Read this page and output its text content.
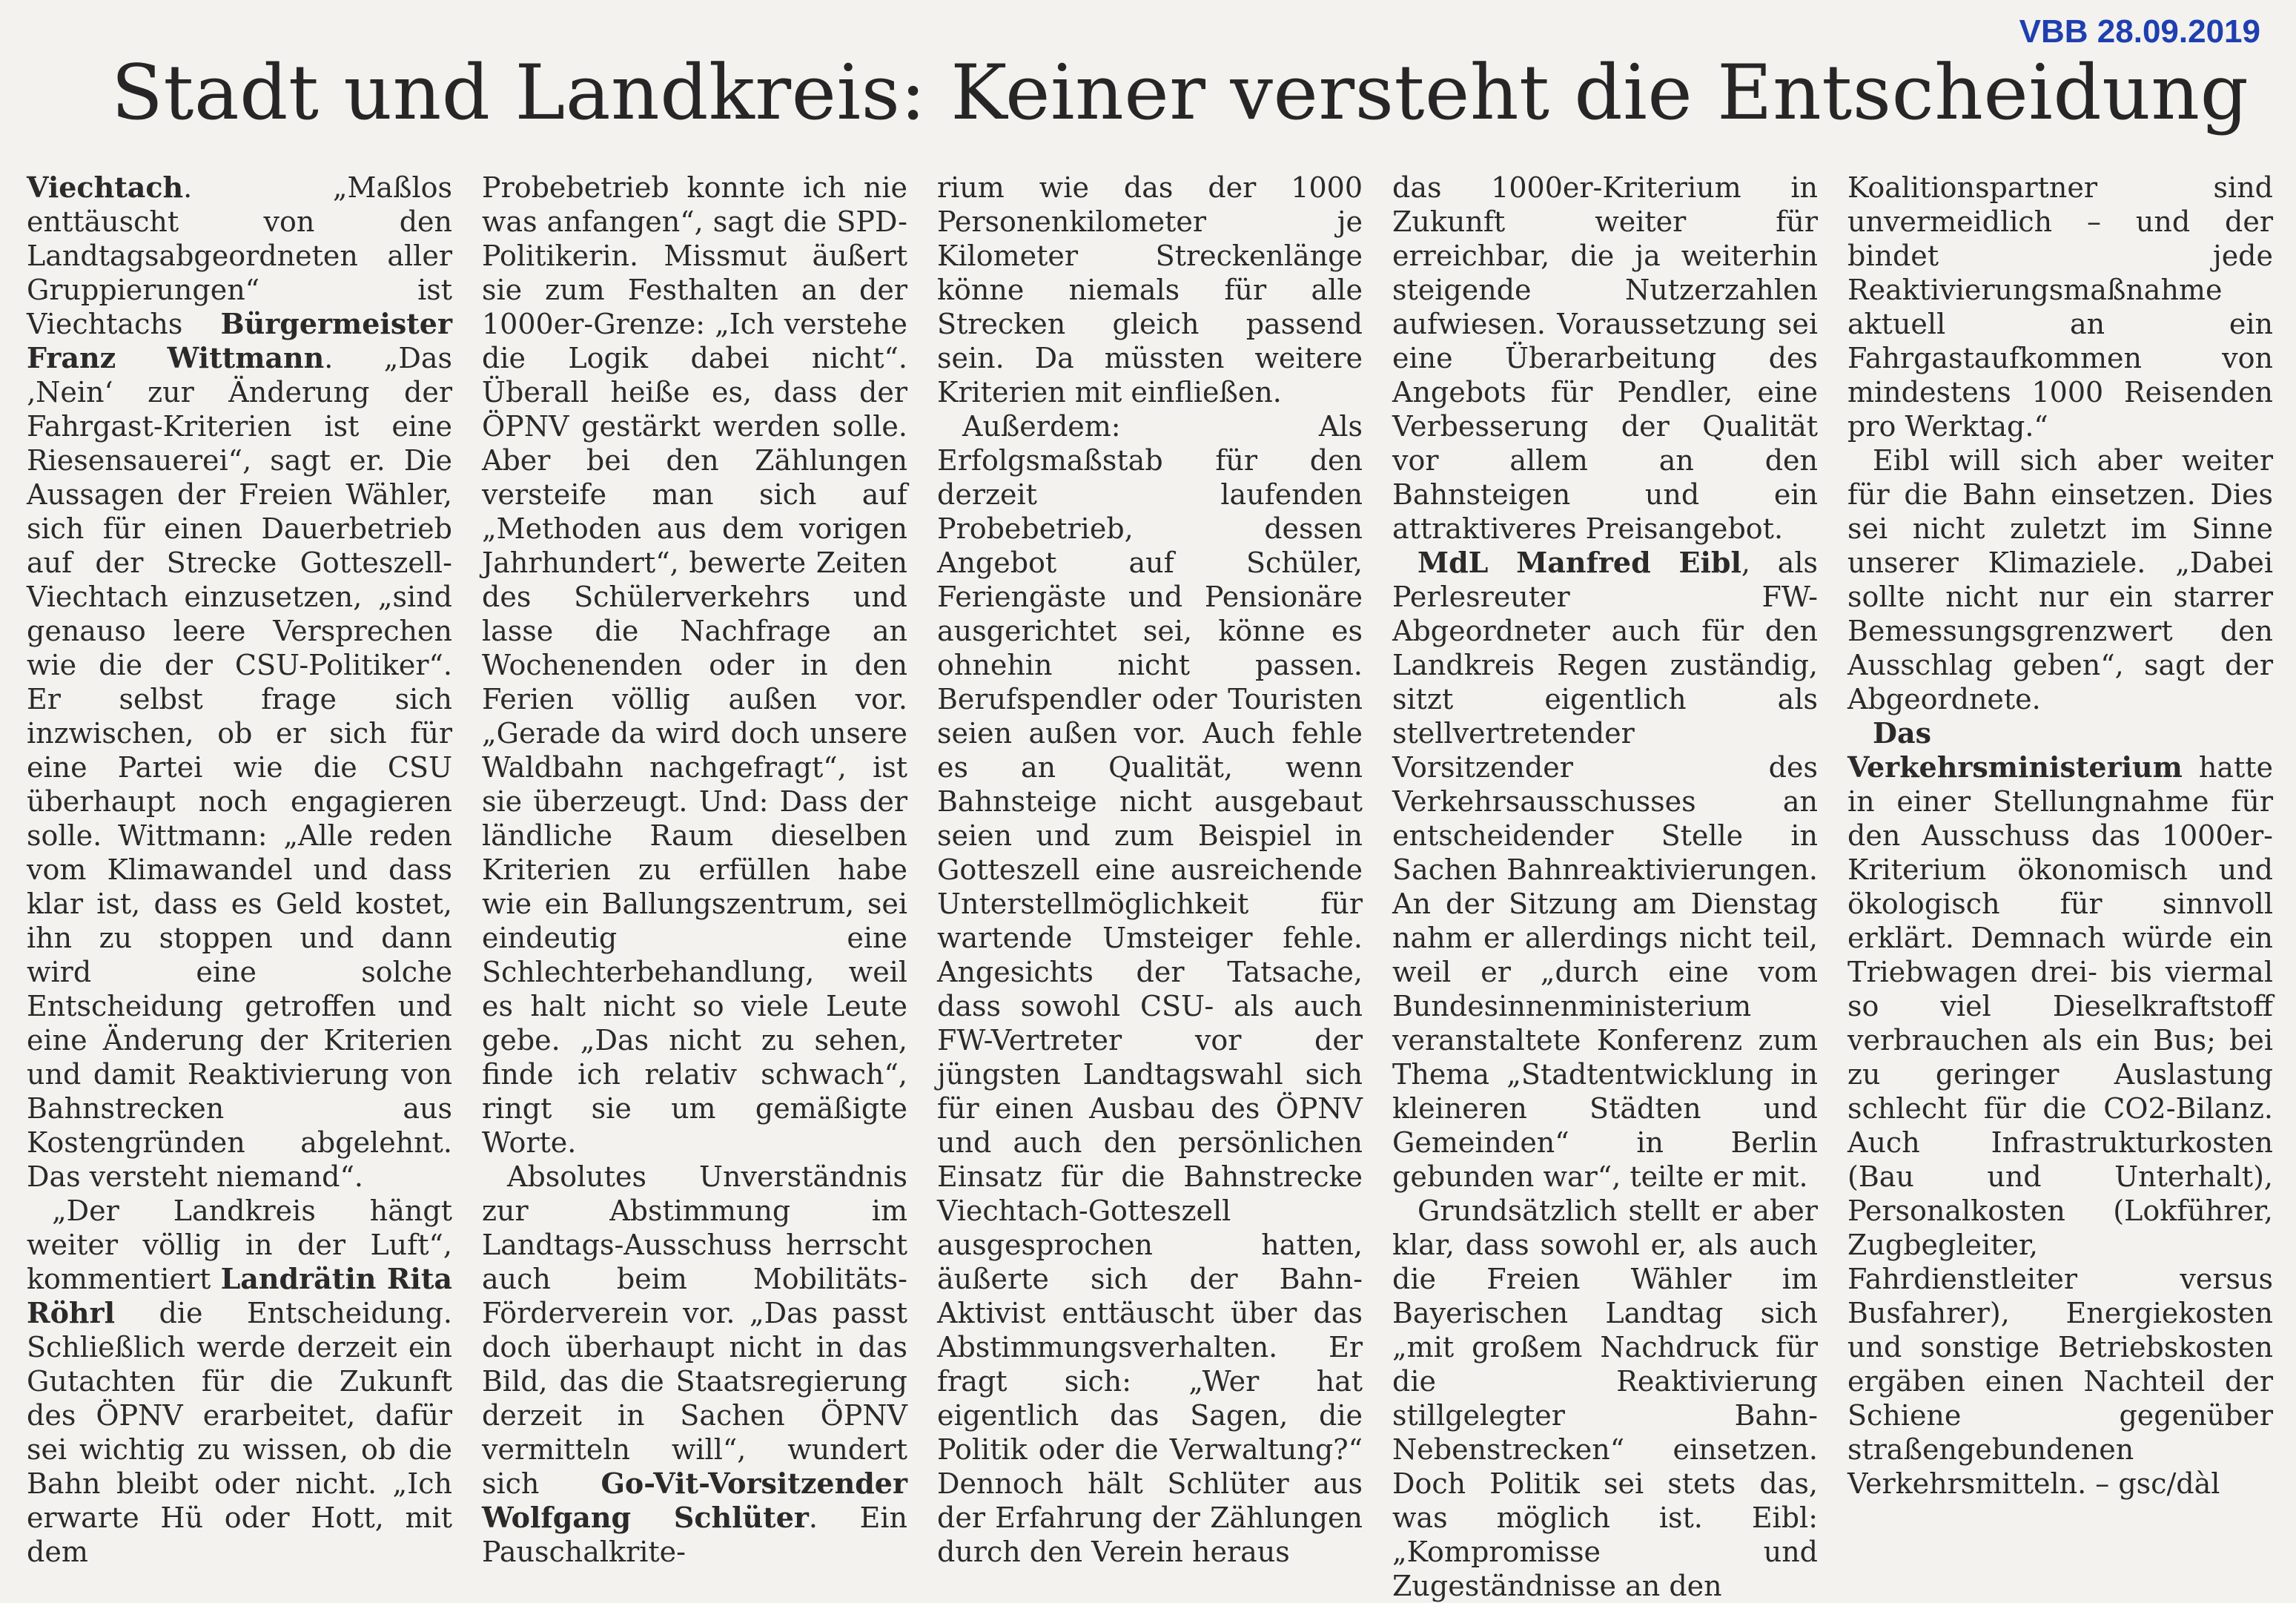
VBB 28.09.2019
Stadt und Landkreis: Keiner versteht die Entscheidung

Viechtach. „Maßlos enttäuscht von den Landtagsabgeordneten aller Gruppierungen“ ist Viechtachs Bürgermeister Franz Wittmann. „Das ‚Nein‘ zur Änderung der Fahrgast-Kriterien ist eine Riesensauerei“, sagt er. Die Aussagen der Freien Wähler, sich für einen Dauerbetrieb auf der Strecke Gotteszell-Viechtach einzusetzen, „sind genauso leere Versprechen wie die der CSU-Politiker“. Er selbst frage sich inzwischen, ob er sich für eine Partei wie die CSU überhaupt noch engagieren solle. Wittmann: „Alle reden vom Klimawandel und dass klar ist, dass es Geld kostet, ihn zu stoppen und dann wird eine solche Entscheidung getroffen und eine Änderung der Kriterien und damit Reaktivierung von Bahnstrecken aus Kostengründen abgelehnt. Das versteht niemand“.

„Der Landkreis hängt weiter völlig in der Luft“, kommentiert Landrätin Rita Röhrl die Entscheidung. Schließlich werde derzeit ein Gutachten für die Zukunft des ÖPNV erarbeitet, dafür sei wichtig zu wissen, ob die Bahn bleibt oder nicht. „Ich erwarte Hü oder Hott, mit dem

Probebetrieb konnte ich nie was anfangen“, sagt die SPD-Politikerin. Missmut äußert sie zum Festhalten an der 1000er-Grenze: „Ich verstehe die Logik dabei nicht“. Überall heiße es, dass der ÖPNV gestärkt werden solle. Aber bei den Zählungen versteife man sich auf „Methoden aus dem vorigen Jahrhundert“, bewerte Zeiten des Schülerverkehrs und lasse die Nachfrage an Wochenenden oder in den Ferien völlig außen vor. „Gerade da wird doch unsere Waldbahn nachgefragt“, ist sie überzeugt. Und: Dass der ländliche Raum dieselben Kriterien zu erfüllen habe wie ein Ballungszentrum, sei eindeutig eine Schlechterbehandlung, weil es halt nicht so viele Leute gebe. „Das nicht zu sehen, finde ich relativ schwach“, ringt sie um gemäßigte Worte.

Absolutes Unverständnis zur Abstimmung im Landtags-Ausschuss herrscht auch beim Mobilitäts-Förderverein vor. „Das passt doch überhaupt nicht in das Bild, das die Staatsregierung derzeit in Sachen ÖPNV vermitteln will“, wundert sich Go-Vit-Vorsitzender Wolfgang Schlüter. Ein Pauschalkrite-

rium wie das der 1000 Personenkilometer je Kilometer Streckenlänge könne niemals für alle Strecken gleich passend sein. Da müssten weitere Kriterien mit einfließen.

Außerdem: Als Erfolgsmaßstab für den derzeit laufenden Probebetrieb, dessen Angebot auf Schüler, Feriengäste und Pensionäre ausgerichtet sei, könne es ohnehin nicht passen. Berufspendler oder Touristen seien außen vor. Auch fehle es an Qualität, wenn Bahnsteige nicht ausgebaut seien und zum Beispiel in Gotteszell eine ausreichende Unterstellmöglichkeit für wartende Umsteiger fehle. Angesichts der Tatsache, dass sowohl CSU- als auch FW-Vertreter vor der jüngsten Landtagswahl sich für einen Ausbau des ÖPNV und auch den persönlichen Einsatz für die Bahnstrecke Viechtach-Gotteszell ausgesprochen hatten, äußerte sich der Bahn-Aktivist enttäuscht über das Abstimmungsverhalten. Er fragt sich: „Wer hat eigentlich das Sagen, die Politik oder die Verwaltung?“ Dennoch hält Schlüter aus der Erfahrung der Zählungen durch den Verein heraus

das 1000er-Kriterium in Zukunft weiter für erreichbar, die ja weiterhin steigende Nutzerzahlen aufwiesen. Voraussetzung sei eine Überarbeitung des Angebots für Pendler, eine Verbesserung der Qualität vor allem an den Bahnsteigen und ein attraktiveres Preisangebot.

MdL Manfred Eibl, als Perlesreuter FW-Abgeordneter auch für den Landkreis Regen zuständig, sitzt eigentlich als stellvertretender Vorsitzender des Verkehrsausschusses an entscheidender Stelle in Sachen Bahnreaktivierungen. An der Sitzung am Dienstag nahm er allerdings nicht teil, weil er „durch eine vom Bundesinnenministerium veranstaltete Konferenz zum Thema „Stadtentwicklung in kleineren Städten und Gemeinden“ in Berlin gebunden war“, teilte er mit.

Grundsätzlich stellt er aber klar, dass sowohl er, als auch die Freien Wähler im Bayerischen Landtag sich „mit großem Nachdruck für die Reaktivierung stillgelegter Bahn-Nebenstrecken“ einsetzen. Doch Politik sei stets das, was möglich ist. Eibl: „Kompromisse und Zugeständnisse an den

Koalitionspartner sind unvermeidlich – und der bindet jede Reaktivierungsmaßnahme aktuell an ein Fahrgastaufkommen von mindestens 1000 Reisenden pro Werktag.“

Eibl will sich aber weiter für die Bahn einsetzen. Dies sei nicht zuletzt im Sinne unserer Klimaziele. „Dabei sollte nicht nur ein starrer Bemessungsgrenzwert den Ausschlag geben“, sagt der Abgeordnete.

Das Verkehrsministerium hatte in einer Stellungnahme für den Ausschuss das 1000er-Kriterium ökonomisch und ökologisch für sinnvoll erklärt. Demnach würde ein Triebwagen drei- bis viermal so viel Dieselkraftstoff verbrauchen als ein Bus; bei zu geringer Auslastung schlecht für die CO2-Bilanz. Auch Infrastrukturkosten (Bau und Unterhalt), Personalkosten (Lokführer, Zugbegleiter, Fahrdienstleiter versus Busfahrer), Energiekosten und sonstige Betriebskosten ergäben einen Nachteil der Schiene gegenüber straßengebundenen Verkehrsmitteln. – gsc/dàl
